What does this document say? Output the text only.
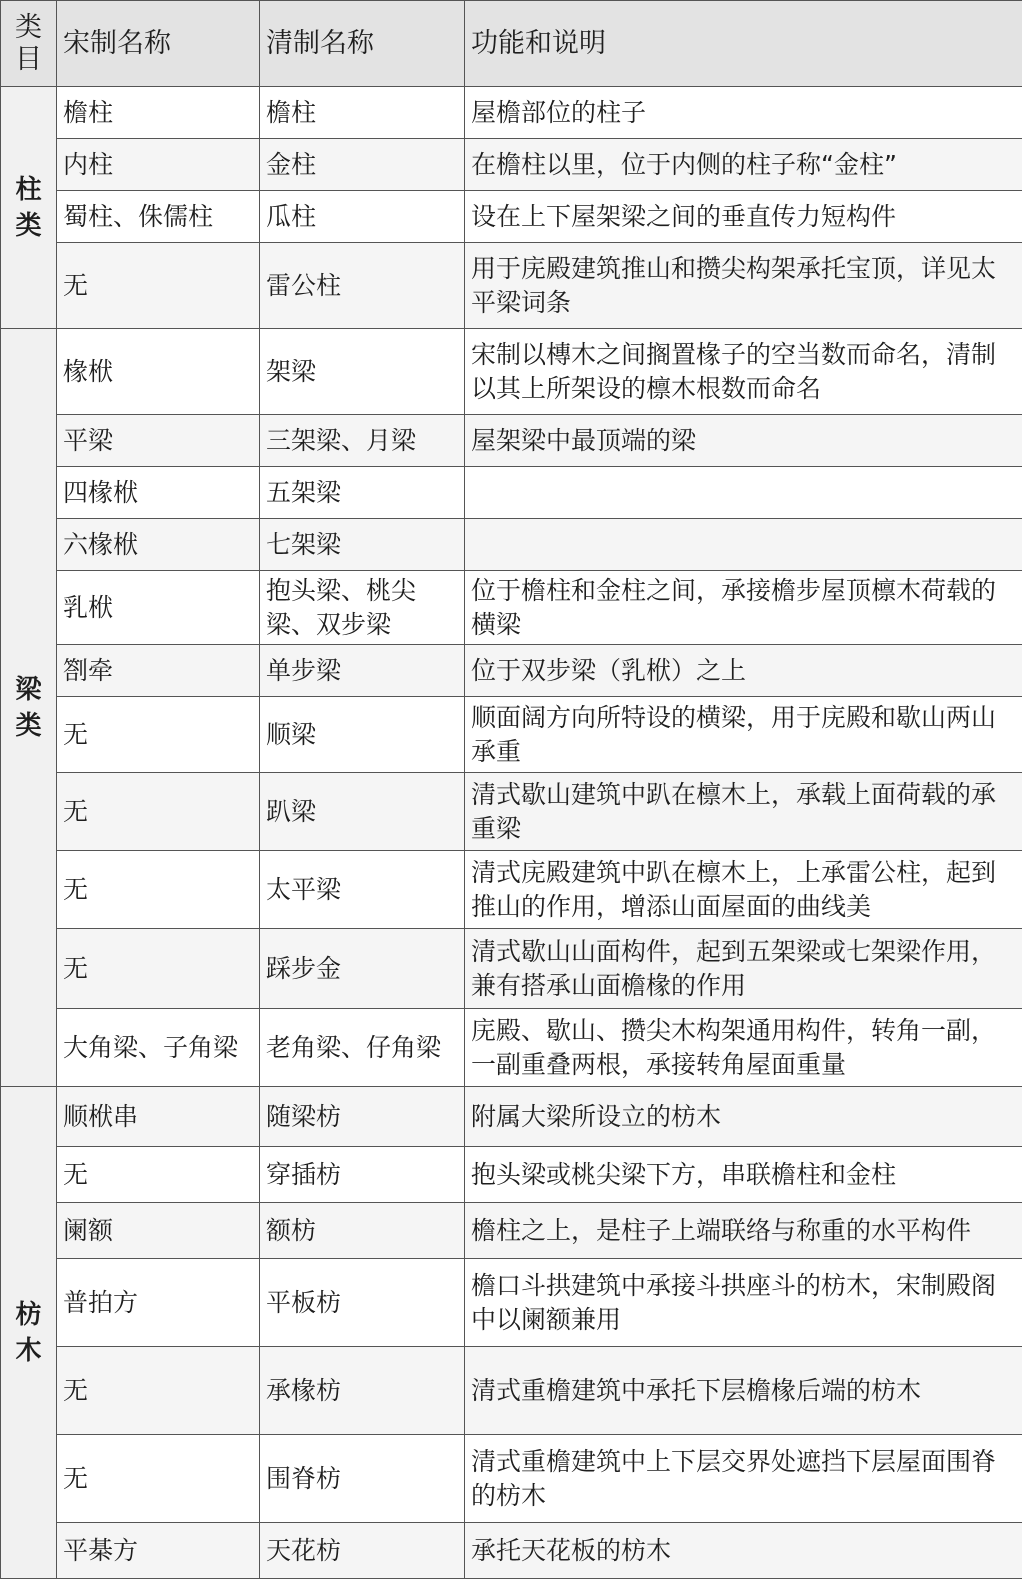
类
目	宋制名称	清制名称	功能和说明

柱
类	檐柱	檐柱	屋檐部位的柱子
	内柱	金柱	在檐柱以里，位于内侧的柱子称“金柱”
	蜀柱、侏儒柱	瓜柱	设在上下屋架梁之间的垂直传力短构件
	无	雷公柱	用于庑殿建筑推山和攒尖构架承托宝顶，详见太平梁词条

梁
类	椽栿	架梁	宋制以槫木之间搁置椽子的空当数而命名，清制以其上所架设的檩木根数而命名
	平梁	三架梁、月梁	屋架梁中最顶端的梁
	四椽栿	五架梁	
	六椽栿	七架梁	
	乳栿	抱头梁、桃尖梁、双步梁	位于檐柱和金柱之间，承接檐步屋顶檩木荷载的横梁
	劄牵	单步梁	位于双步梁（乳栿）之上
	无	顺梁	顺面阔方向所特设的横梁，用于庑殿和歇山两山承重
	无	趴梁	清式歇山建筑中趴在檩木上，承载上面荷载的承重梁
	无	太平梁	清式庑殿建筑中趴在檩木上，上承雷公柱，起到推山的作用，增添山面屋面的曲线美
	无	踩步金	清式歇山山面构件，起到五架梁或七架梁作用，兼有搭承山面檐椽的作用
	大角梁、子角梁	老角梁、仔角梁	庑殿、歇山、攒尖木构架通用构件，转角一副，一副重叠两根，承接转角屋面重量

枋
木	顺栿串	随梁枋	附属大梁所设立的枋木
	无	穿插枋	抱头梁或桃尖梁下方，串联檐柱和金柱
	阑额	额枋	檐柱之上，是柱子上端联络与称重的水平构件
	普拍方	平板枋	檐口斗拱建筑中承接斗拱座斗的枋木，宋制殿阁中以阑额兼用
	无	承椽枋	清式重檐建筑中承托下层檐椽后端的枋木
	无	围脊枋	清式重檐建筑中上下层交界处遮挡下层屋面围脊的枋木
	平棊方	天花枋	承托天花板的枋木
